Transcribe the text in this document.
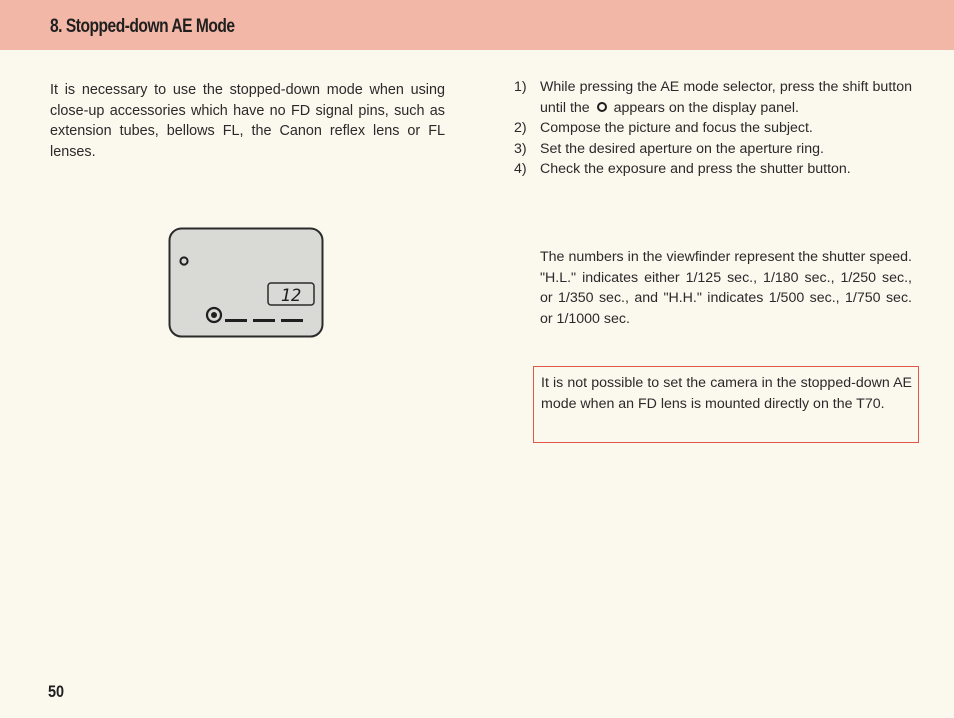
8. Stopped-down AE Mode

It is necessary to use the stopped-down mode when using close-up accessories which have no FD signal pins, such as extension tubes, bellows FL, the Canon reflex lens or FL lenses.

12
1) While pressing the AE mode selector, press the shift button until the appears on the display panel.
2) Compose the picture and focus the subject.
3) Set the desired aperture on the aperture ring.
4) Check the exposure and press the shutter button.

The numbers in the viewfinder represent the shutter speed. "H.L." indicates either 1/125 sec., 1/180 sec., 1/250 sec., or 1/350 sec., and "H.H." indicates 1/500 sec., 1/750 sec. or 1/1000 sec.

It is not possible to set the camera in the stopped-down AE mode when an FD lens is mounted directly on the T70.
50
